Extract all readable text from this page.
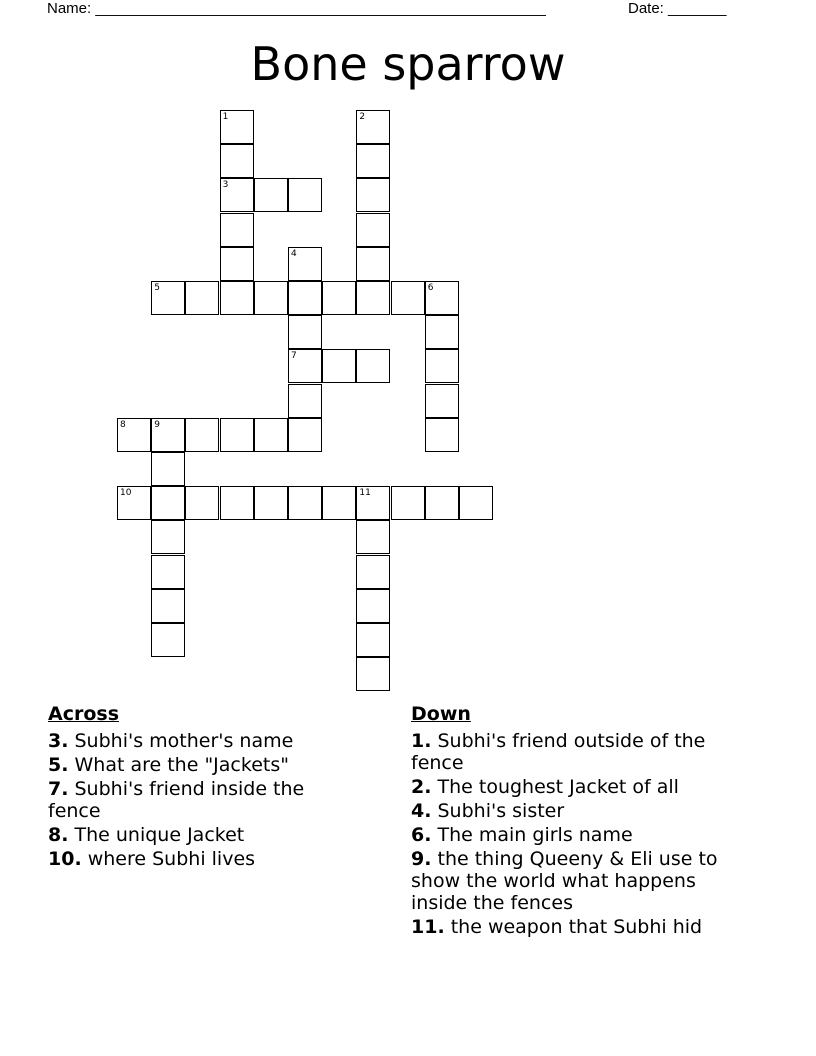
Name: ______________________________________________________	Date: _______
Bone sparrow
1	2
3
4
5	6
7
8	9
10	11
Across
3. Subhi's mother's name
5. What are the "Jackets"
7. Subhi's friend inside the fence
8. The unique Jacket
10. where Subhi lives
Down
1. Subhi's friend outside of the fence
2. The toughest Jacket of all
4. Subhi's sister
6. The main girls name
9. the thing Queeny & Eli use to show the world what happens inside the fences
11. the weapon that Subhi hid
